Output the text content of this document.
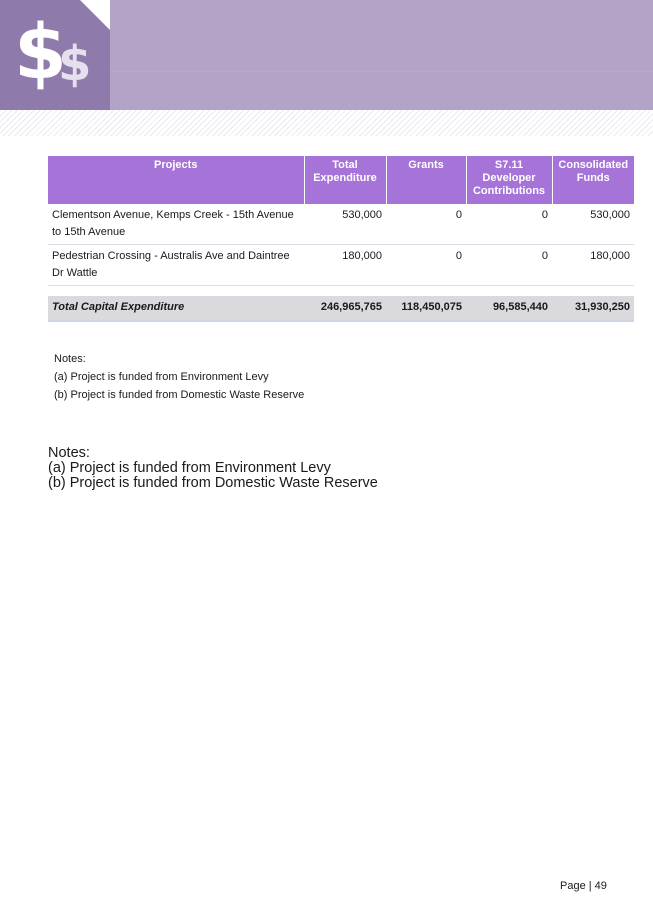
$
$
Projects	Total Expenditure	Grants	S7.11 Developer Contributions	Consolidated Funds
Clementson Avenue, Kemps Creek - 15th Avenue to 15th Avenue	530,000	0	0	530,000
Pedestrian Crossing - Australis Ave and Daintree Dr Wattle	180,000	0	0	180,000

Total Capital Expenditure	246,965,765	118,450,075	96,585,440	31,930,250
Notes:
(a) Project is funded from Environment Levy
(b) Project is funded from Domestic Waste Reserve
Notes:
(a) Project is funded from Environment Levy
(b) Project is funded from Domestic Waste Reserve
Page | 49
